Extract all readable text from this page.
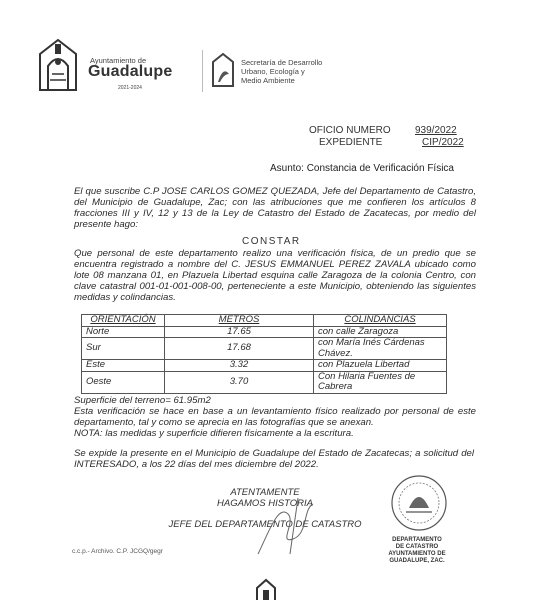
Ayuntamiento de
Guadalupe
2021-2024
Secretaría de Desarrollo
Urbano, Ecología y
Medio Ambiente
OFICIO NUMERO 939/2022
EXPEDIENTE	CIP/2022
Asunto: Constancia de Verificación Física

El que suscribe C.P JOSE CARLOS GOMEZ QUEZADA, Jefe del Departamento de Catastro, del Municipio de Guadalupe, Zac; con las atribuciones que me confieren los artículos 8 fracciones III y IV, 12 y 13 de la Ley de Catastro del Estado de Zacatecas, por medio del presente hago:

CONSTAR

Que personal de este departamento realizo una verificación física, de un predio que se encuentra registrado a nombre del C. JESUS EMMANUEL PEREZ ZAVALA ubicado como lote 08 manzana 01, en Plazuela Libertad esquina calle Zaragoza de la colonia Centro, con clave catastral 001-01-001-008-00, perteneciente a este Municipio, obteniendo las siguientes medidas y colindancias.

ORIENTACIÓN	METROS	COLINDANCIAS
Norte	17.65	con calle Zaragoza
Sur	17.68	con María Inés Cárdenas Chávez.
Este	3.32	con Plazuela Libertad
Oeste	3.70	Con Hilaria Fuentes de Cabrera

Superficie del terreno= 61.95m2

Esta verificación se hace en base a un levantamiento físico realizado por personal de este departamento, tal y como se aprecia en las fotografías que se anexan.

NOTA: las medidas y superficie difieren físicamente a la escritura.

Se expide la presente en el Municipio de Guadalupe del Estado de Zacatecas; a solicitud del INTERESADO, a los 22 días del mes diciembre del 2022.

ATENTAMENTE
HAGAMOS HISTORIA
JEFE DEL DEPARTAMENTO DE CATASTRO
DEPARTAMENTO
DE CATASTRO
AYUNTAMIENTO DE
GUADALUPE, ZAC.
c.c.p.- Archivo. C.P. JCGQ/gegr
